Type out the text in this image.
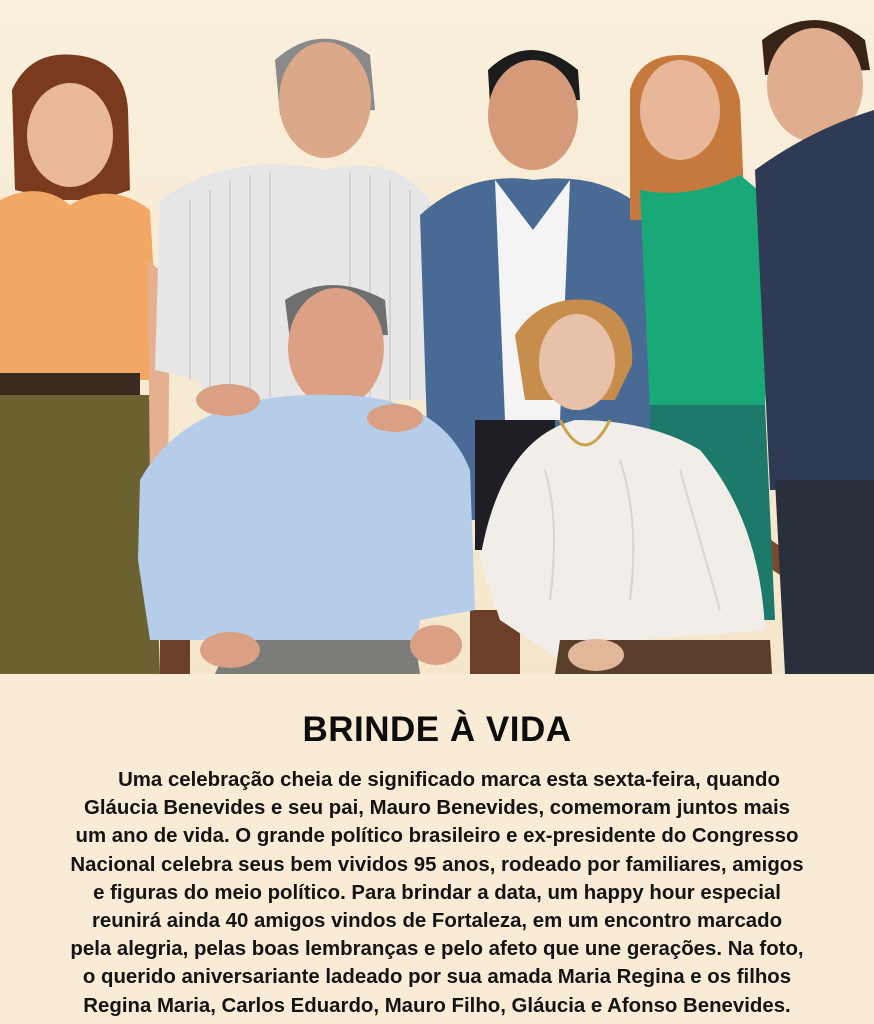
BRINDE À VIDA

Uma celebração cheia de significado marca esta sexta-feira, quando
Gláucia Benevides e seu pai, Mauro Benevides, comemoram juntos mais
um ano de vida. O grande político brasileiro e ex-presidente do Congresso
Nacional celebra seus bem vividos 95 anos, rodeado por familiares, amigos
e figuras do meio político. Para brindar a data, um happy hour especial
reunirá ainda 40 amigos vindos de Fortaleza, em um encontro marcado
pela alegria, pelas boas lembranças e pelo afeto que une gerações. Na foto,
o querido aniversariante ladeado por sua amada Maria Regina e os filhos
Regina Maria, Carlos Eduardo, Mauro Filho, Gláucia e Afonso Benevides.
